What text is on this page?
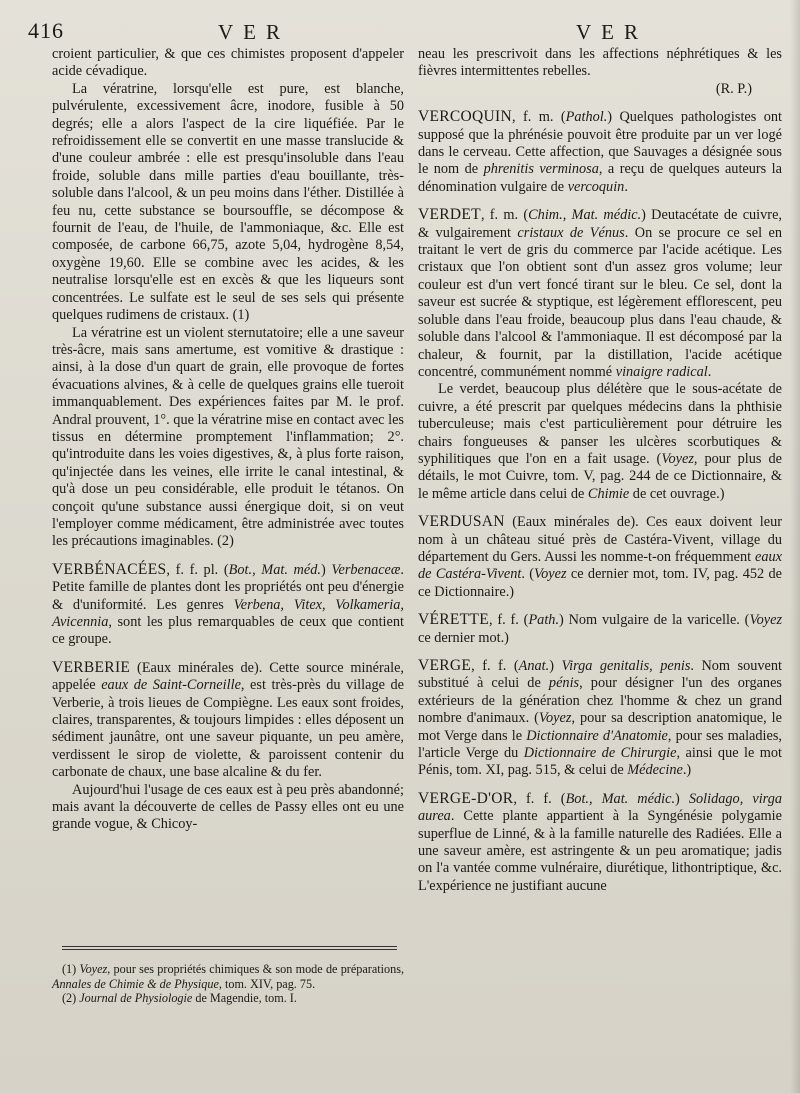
416	VER	VER

croient particulier, & que ces chimistes proposent d'appeler acide cévadique.

La vératrine, lorsqu'elle est pure, est blanche, pulvérulente, excessivement âcre, inodore, fusible à 50 degrés; elle a alors l'aspect de la cire liquéfiée. Par le refroidissement elle se convertit en une masse translucide & d'une couleur ambrée : elle est presqu'insoluble dans l'eau froide, soluble dans mille parties d'eau bouillante, très-soluble dans l'alcool, & un peu moins dans l'éther. Distillée à feu nu, cette substance se boursouffle, se décompose & fournit de l'eau, de l'huile, de l'ammoniaque, &c. Elle est composée, de carbone 66,75, azote 5,04, hydrogène 8,54, oxygène 19,60. Elle se combine avec les acides, & les neutralise lorsqu'elle est en excès & que les liqueurs sont concentrées. Le sulfate est le seul de ses sels qui présente quelques rudimens de cristaux. (1)

La vératrine est un violent sternutatoire; elle a une saveur très-âcre, mais sans amertume, est vomitive & drastique : ainsi, à la dose d'un quart de grain, elle provoque de fortes évacuations alvines, & à celle de quelques grains elle tueroit immanquablement. Des expériences faites par M. le prof. Andral prouvent, 1°. que la vératrine mise en contact avec les tissus en détermine promptement l'inflammation; 2°. qu'introduite dans les voies digestives, &, à plus forte raison, qu'injectée dans les veines, elle irrite le canal intestinal, & qu'à dose un peu considérable, elle produit le tétanos. On conçoit qu'une substance aussi énergique doit, si on veut l'employer comme médicament, être administrée avec toutes les précautions imaginables. (2)

VERBÉNACÉES, f. f. pl. (Bot., Mat. méd.) Verbenaceæ. Petite famille de plantes dont les propriétés ont peu d'énergie & d'uniformité. Les genres Verbena, Vitex, Volkameria, Avicennia, sont les plus remarquables de ceux que contient ce groupe.

VERBERIE (Eaux minérales de). Cette source minérale, appelée eaux de Saint-Corneille, est très-près du village de Verberie, à trois lieues de Compiègne. Les eaux sont froides, claires, transparentes, & toujours limpides : elles déposent un sédiment jaunâtre, ont une saveur piquante, un peu amère, verdissent le sirop de violette, & paroissent contenir du carbonate de chaux, une base alcaline & du fer.

Aujourd'hui l'usage de ces eaux est à peu près abandonné; mais avant la découverte de celles de Passy elles ont eu une grande vogue, & Chicoy-

(1) Voyez, pour ses propriétés chimiques & son mode de préparations, Annales de Chimie & de Physique, tom. XIV, pag. 75.

(2) Journal de Physiologie de Magendie, tom. I.

neau les prescrivoit dans les affections néphrétiques & les fièvres intermittentes rebelles.

(R. P.)

VERCOQUIN, f. m. (Pathol.) Quelques pathologistes ont supposé que la phrénésie pouvoit être produite par un ver logé dans le cerveau. Cette affection, que Sauvages a désignée sous le nom de phrenitis verminosa, a reçu de quelques auteurs la dénomination vulgaire de vercoquin.

VERDET, f. m. (Chim., Mat. médic.) Deutacétate de cuivre, & vulgairement cristaux de Vénus. On se procure ce sel en traitant le vert de gris du commerce par l'acide acétique. Les cristaux que l'on obtient sont d'un assez gros volume; leur couleur est d'un vert foncé tirant sur le bleu. Ce sel, dont la saveur est sucrée & styptique, est légèrement efflorescent, peu soluble dans l'eau froide, beaucoup plus dans l'eau chaude, & soluble dans l'alcool & l'ammoniaque. Il est décomposé par la chaleur, & fournit, par la distillation, l'acide acétique concentré, communément nommé vinaigre radical.

Le verdet, beaucoup plus délétère que le sous-acétate de cuivre, a été prescrit par quelques médecins dans la phthisie tuberculeuse; mais c'est particulièrement pour détruire les chairs fongueuses & panser les ulcères scorbutiques & syphilitiques que l'on en a fait usage. (Voyez, pour plus de détails, le mot Cuivre, tom. V, pag. 244 de ce Dictionnaire, & le même article dans celui de Chimie de cet ouvrage.)

VERDUSAN (Eaux minérales de). Ces eaux doivent leur nom à un château situé près de Castéra-Vivent, village du département du Gers. Aussi les nomme-t-on fréquemment eaux de Castéra-Vivent. (Voyez ce dernier mot, tom. IV, pag. 452 de ce Dictionnaire.)

VÉRETTE, f. f. (Path.) Nom vulgaire de la varicelle. (Voyez ce dernier mot.)

VERGE, f. f. (Anat.) Virga genitalis, penis. Nom souvent substitué à celui de pénis, pour désigner l'un des organes extérieurs de la génération chez l'homme & chez un grand nombre d'animaux. (Voyez, pour sa description anatomique, le mot Verge dans le Dictionnaire d'Anatomie, pour ses maladies, l'article Verge du Dictionnaire de Chirurgie, ainsi que le mot Pénis, tom. XI, pag. 515, & celui de Médecine.)

VERGE-D'OR, f. f. (Bot., Mat. médic.) Solidago, virga aurea. Cette plante appartient à la Syngénésie polygamie superflue de Linné, & à la famille naturelle des Radiées. Elle a une saveur amère, est astringente & un peu aromatique; jadis on l'a vantée comme vulnéraire, diurétique, lithontriptique, &c. L'expérience ne justifiant aucune
